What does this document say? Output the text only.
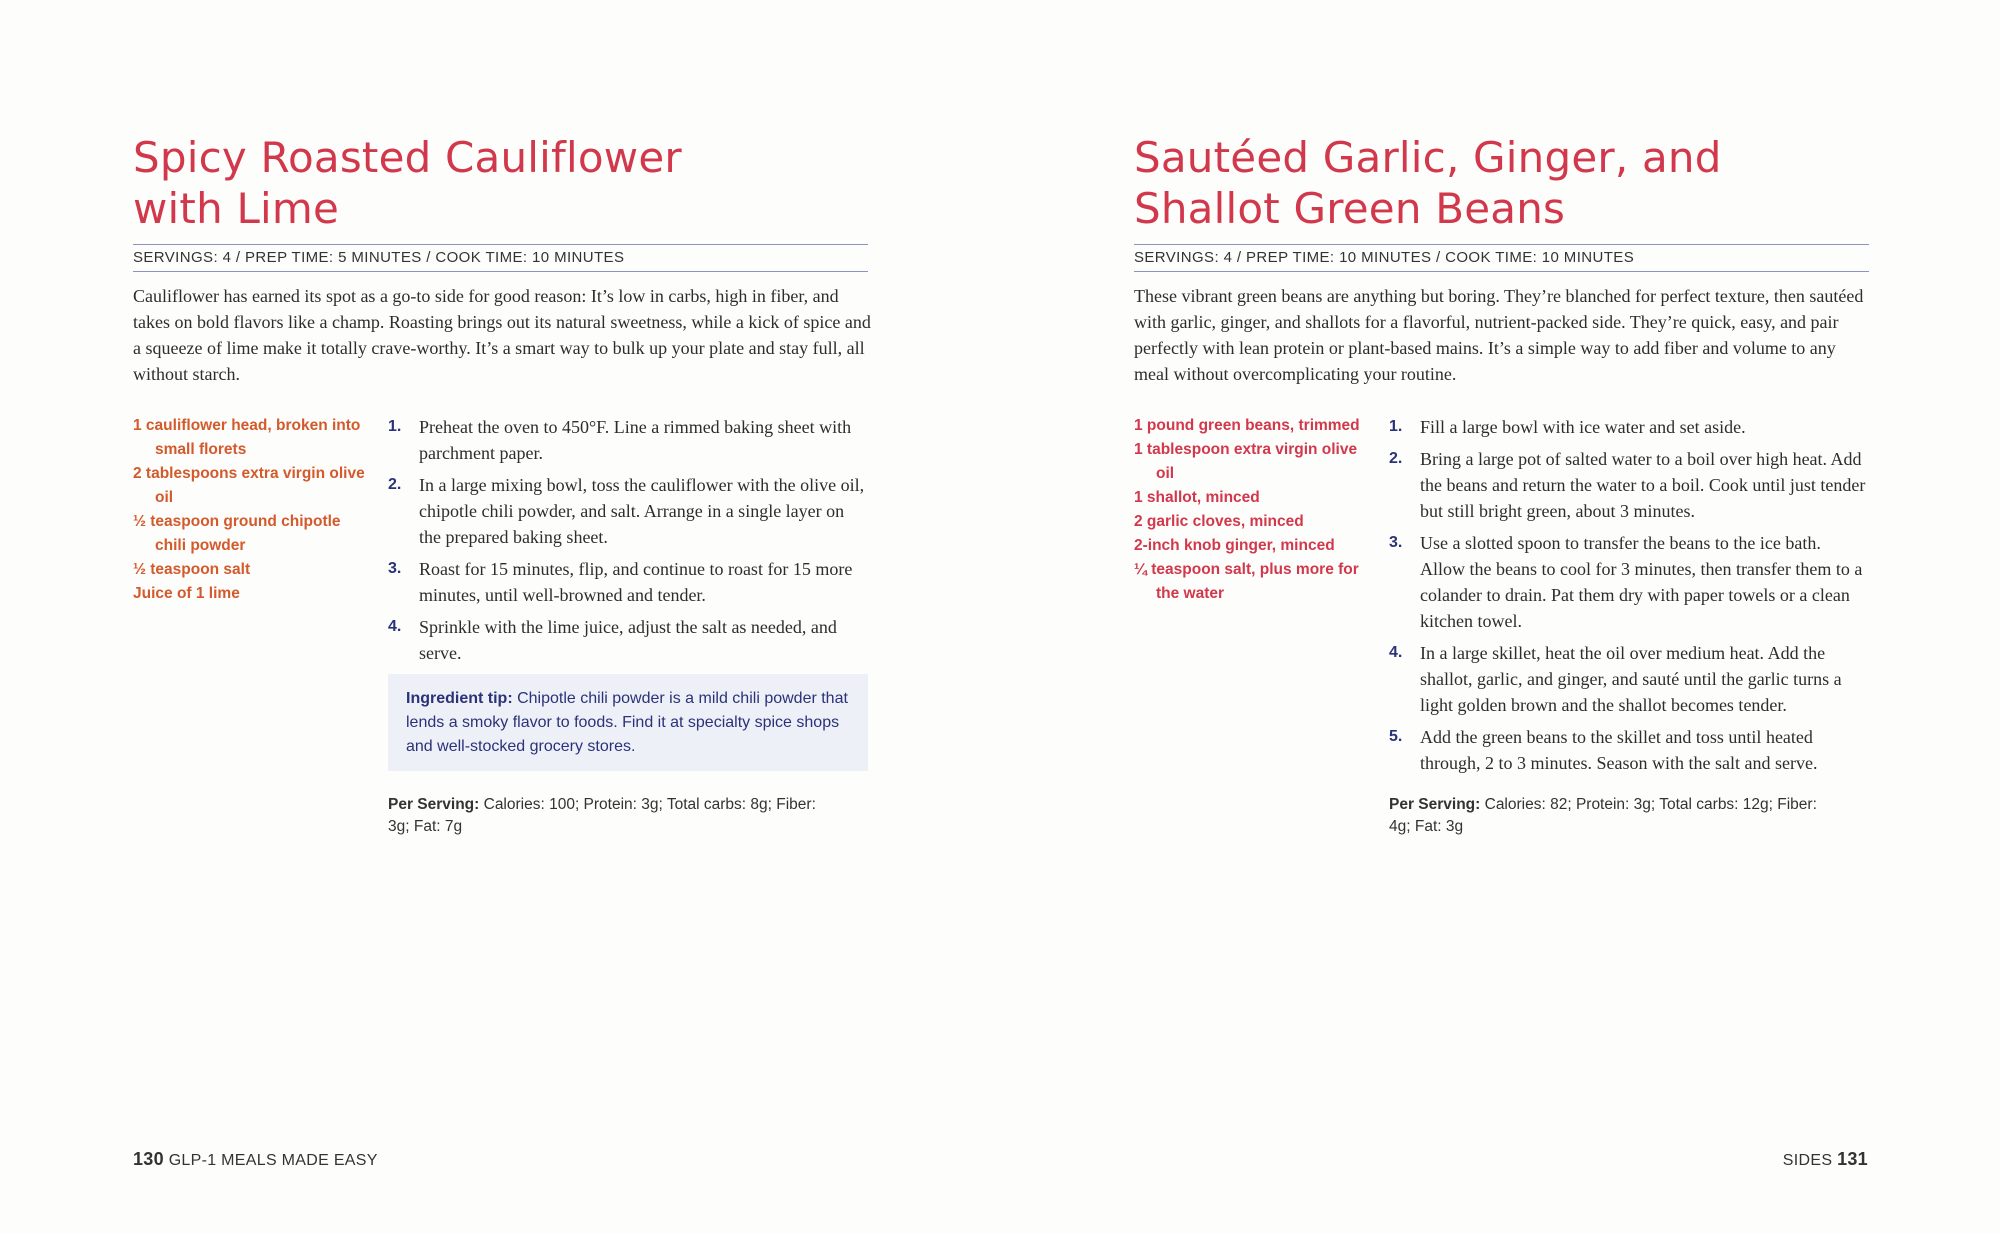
Spicy Roasted Cauliflower
with Lime
SERVINGS: 4 / PREP TIME: 5 MINUTES / COOK TIME: 10 MINUTES

Cauliflower has earned its spot as a go-to side for good reason: It’s low in carbs, high in fiber, and takes on bold flavors like a champ. Roasting brings out its natural sweetness, while a kick of spice and a squeeze of lime make it totally crave-worthy. It’s a smart way to bulk up your plate and stay full, all without starch.

1 cauliflower head, broken into small florets
2 tablespoons extra virgin olive oil
½ teaspoon ground chipotle chili powder
½ teaspoon salt
Juice of 1 lime
1. Preheat the oven to 450°F. Line a rimmed baking sheet with parchment paper.
2. In a large mixing bowl, toss the cauliflower with the olive oil, chipotle chili powder, and salt. Arrange in a single layer on the prepared baking sheet.
3. Roast for 15 minutes, flip, and continue to roast for 15 more minutes, until well-browned and tender.
4. Sprinkle with the lime juice, adjust the salt as needed, and serve.
Ingredient tip: Chipotle chili powder is a mild chili powder that lends a smoky flavor to foods. Find it at specialty spice shops and well-stocked grocery stores.
Per Serving: Calories: 100; Protein: 3g; Total carbs: 8g; Fiber: 3g; Fat: 7g
Sautéed Garlic, Ginger, and
Shallot Green Beans
SERVINGS: 4 / PREP TIME: 10 MINUTES / COOK TIME: 10 MINUTES

These vibrant green beans are anything but boring. They’re blanched for perfect texture, then sautéed with garlic, ginger, and shallots for a flavorful, nutrient-packed side. They’re quick, easy, and pair perfectly with lean protein or plant-based mains. It’s a simple way to add fiber and volume to any meal without overcomplicating your routine.

1 pound green beans, trimmed
1 tablespoon extra virgin olive oil
1 shallot, minced
2 garlic cloves, minced
2-inch knob ginger, minced
¼ teaspoon salt, plus more for the water
1. Fill a large bowl with ice water and set aside.
2. Bring a large pot of salted water to a boil over high heat. Add the beans and return the water to a boil. Cook until just tender but still bright green, about 3 minutes.
3. Use a slotted spoon to transfer the beans to the ice bath. Allow the beans to cool for 3 minutes, then transfer them to a colander to drain. Pat them dry with paper towels or a clean kitchen towel.
4. In a large skillet, heat the oil over medium heat. Add the shallot, garlic, and ginger, and sauté until the garlic turns a light golden brown and the shallot becomes tender.
5. Add the green beans to the skillet and toss until heated through, 2 to 3 minutes. Season with the salt and serve.
Per Serving: Calories: 82; Protein: 3g; Total carbs: 12g; Fiber: 4g; Fat: 3g
130 GLP-1 MEALS MADE EASY	SIDES 131
